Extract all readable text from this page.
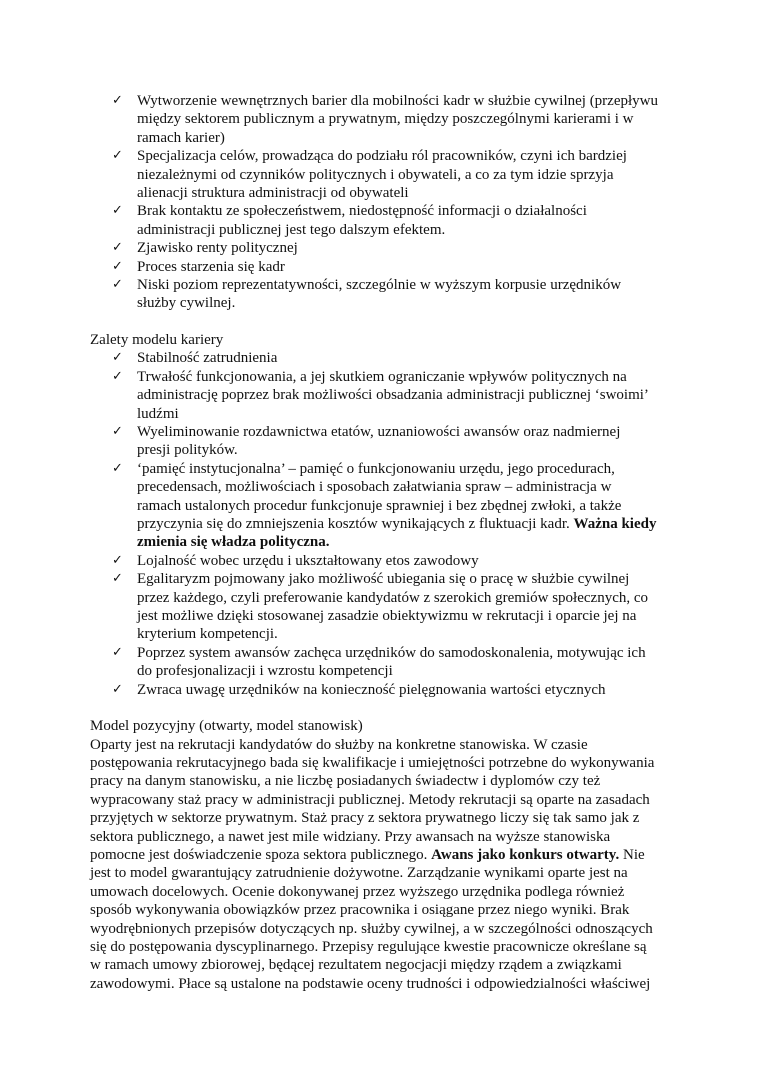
✓ Wytworzenie wewnętrznych barier dla mobilności kadr w służbie cywilnej (przepływu
między sektorem publicznym a prywatnym, między poszczególnymi karierami i w
ramach karier)
✓ Specjalizacja celów, prowadząca do podziału ról pracowników, czyni ich bardziej
niezależnymi od czynników politycznych i obywateli, a co za tym idzie sprzyja
alienacji struktura administracji od obywateli
✓ Brak kontaktu ze społeczeństwem, niedostępność informacji o działalności
administracji publicznej jest tego dalszym efektem.
✓ Zjawisko renty politycznej
✓ Proces starzenia się kadr
✓ Niski poziom reprezentatywności, szczególnie w wyższym korpusie urzędników
służby cywilnej.
Zalety modelu kariery
✓ Stabilność zatrudnienia
✓ Trwałość funkcjonowania, a jej skutkiem ograniczanie wpływów politycznych na
administrację poprzez brak możliwości obsadzania administracji publicznej ‘swoimi’
ludźmi
✓ Wyeliminowanie rozdawnictwa etatów, uznaniowości awansów oraz nadmiernej
presji polityków.
✓ ‘pamięć instytucjonalna’ – pamięć o funkcjonowaniu urzędu, jego procedurach,
precedensach, możliwościach i sposobach załatwiania spraw – administracja w
ramach ustalonych procedur funkcjonuje sprawniej i bez zbędnej zwłoki, a także
przyczynia się do zmniejszenia kosztów wynikających z fluktuacji kadr. Ważna kiedy
zmienia się władza polityczna.
✓ Lojalność wobec urzędu i ukształtowany etos zawodowy
✓ Egalitaryzm pojmowany jako możliwość ubiegania się o pracę w służbie cywilnej
przez każdego, czyli preferowanie kandydatów z szerokich gremiów społecznych, co
jest możliwe dzięki stosowanej zasadzie obiektywizmu w rekrutacji i oparcie jej na
kryterium kompetencji.
✓ Poprzez system awansów zachęca urzędników do samodoskonalenia, motywując ich
do profesjonalizacji i wzrostu kompetencji
✓ Zwraca uwagę urzędników na konieczność pielęgnowania wartości etycznych
Model pozycyjny (otwarty, model stanowisk)
Oparty jest na rekrutacji kandydatów do służby na konkretne stanowiska. W czasie
postępowania rekrutacyjnego bada się kwalifikacje i umiejętności potrzebne do wykonywania
pracy na danym stanowisku, a nie liczbę posiadanych świadectw i dyplomów czy też
wypracowany staż pracy w administracji publicznej. Metody rekrutacji są oparte na zasadach
przyjętych w sektorze prywatnym. Staż pracy z sektora prywatnego liczy się tak samo jak z
sektora publicznego, a nawet jest mile widziany. Przy awansach na wyższe stanowiska
pomocne jest doświadczenie spoza sektora publicznego. Awans jako konkurs otwarty. Nie
jest to model gwarantujący zatrudnienie dożywotne. Zarządzanie wynikami oparte jest na
umowach docelowych. Ocenie dokonywanej przez wyższego urzędnika podlega również
sposób wykonywania obowiązków przez pracownika i osiągane przez niego wyniki. Brak
wyodrębnionych przepisów dotyczących np. służby cywilnej, a w szczególności odnoszących
się do postępowania dyscyplinarnego. Przepisy regulujące kwestie pracownicze określane są
w ramach umowy zbiorowej, będącej rezultatem negocjacji między rządem a związkami
zawodowymi. Płace są ustalone na podstawie oceny trudności i odpowiedzialności właściwej
